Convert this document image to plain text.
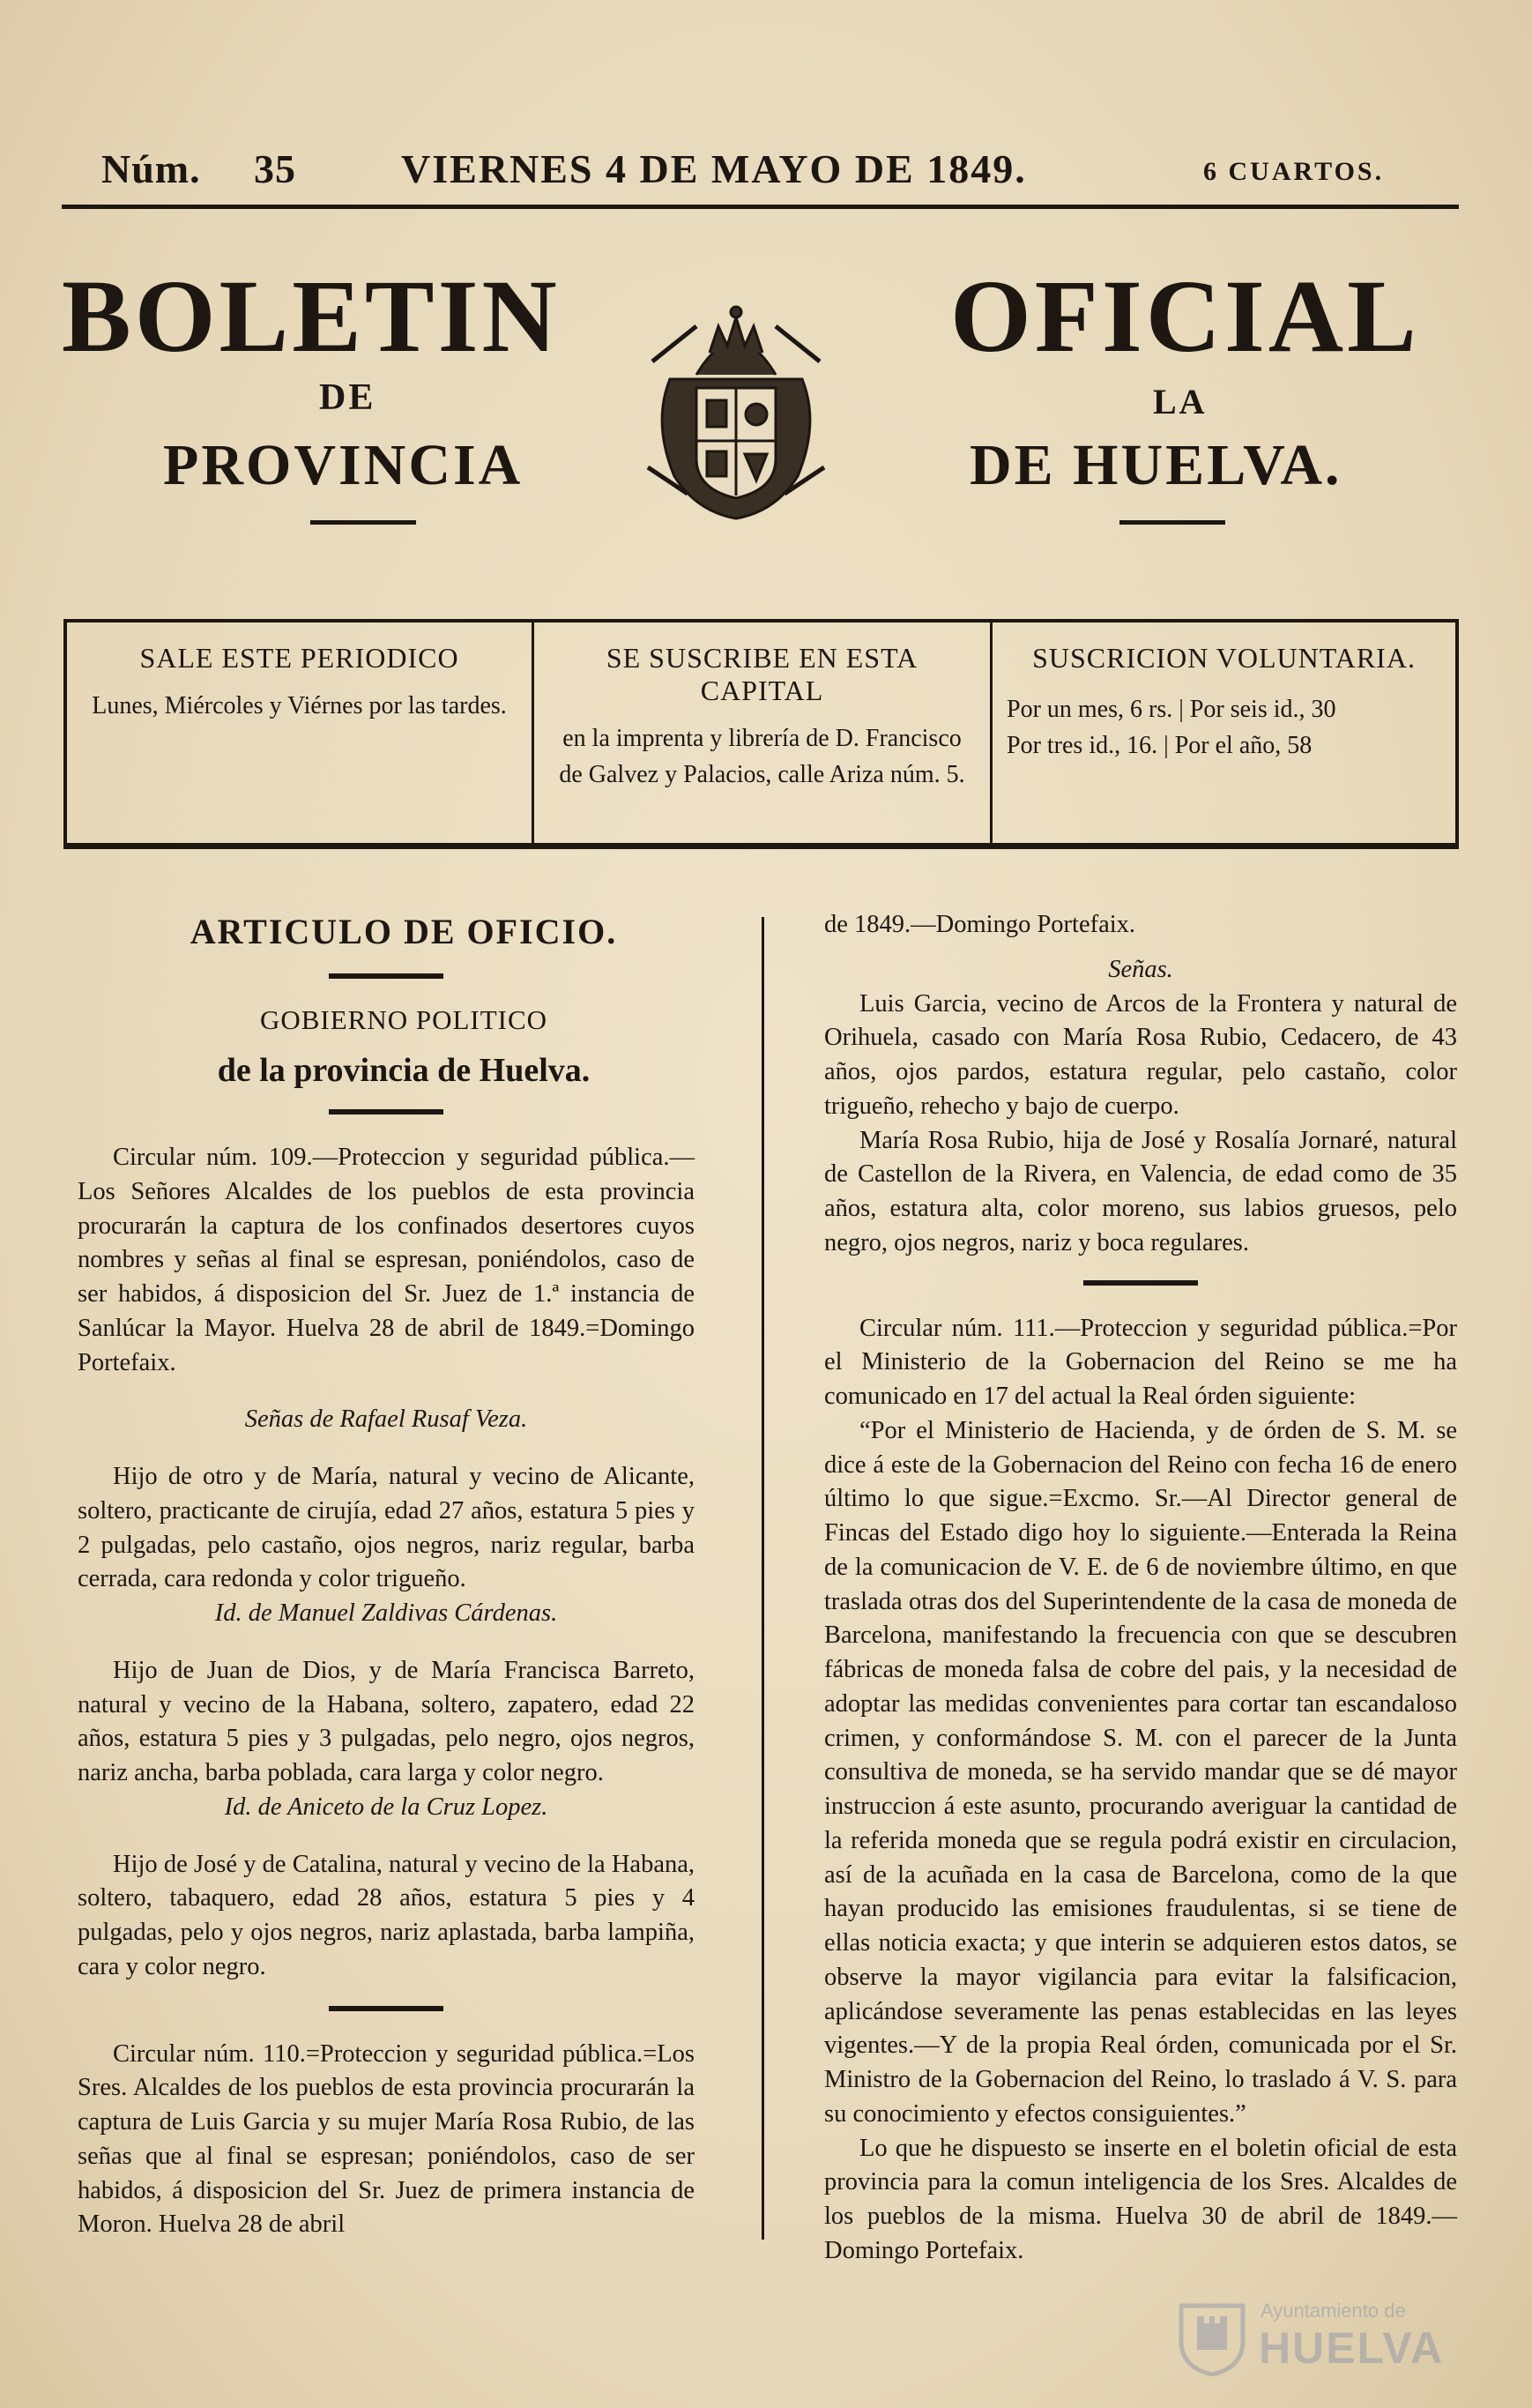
Núm. 35	VIERNES 4 DE MAYO DE 1849.	6 CUARTOS.
BOLETIN	OFICIAL
DE	LA
PROVINCIA	DE HUELVA.
SALE ESTE PERIODICO

Lunes, Miércoles y Viérnes por las tardes.

SE SUSCRIBE EN ESTA CAPITAL

en la imprenta y librería de D. Francisco de Galvez y Palacios, calle Ariza núm. 5.

SUSCRICION VOLUNTARIA.

Por un mes, 6 rs. | Por seis id., 30

Por tres id., 16. | Por el año, 58

ARTICULO DE OFICIO.

GOBIERNO POLITICO

de la provincia de Huelva.

Circular núm. 109.—Proteccion y seguridad pública.—Los Señores Alcaldes de los pueblos de esta provincia procurarán la captura de los confinados desertores cuyos nombres y señas al final se espresan, poniéndolos, caso de ser habidos, á disposicion del Sr. Juez de 1.ª instancia de Sanlúcar la Mayor. Huelva 28 de abril de 1849.=Domingo Portefaix.

Señas de Rafael Rusaf Veza.

Hijo de otro y de María, natural y vecino de Alicante, soltero, practicante de cirujía, edad 27 años, estatura 5 pies y 2 pulgadas, pelo castaño, ojos negros, nariz regular, barba cerrada, cara redonda y color trigueño.

Id. de Manuel Zaldivas Cárdenas.

Hijo de Juan de Dios, y de María Francisca Barreto, natural y vecino de la Habana, soltero, zapatero, edad 22 años, estatura 5 pies y 3 pulgadas, pelo negro, ojos negros, nariz ancha, barba poblada, cara larga y color negro.

Id. de Aniceto de la Cruz Lopez.

Hijo de José y de Catalina, natural y vecino de la Habana, soltero, tabaquero, edad 28 años, estatura 5 pies y 4 pulgadas, pelo y ojos negros, nariz aplastada, barba lampiña, cara y color negro.

Circular núm. 110.=Proteccion y seguridad pública.=Los Sres. Alcaldes de los pueblos de esta provincia procurarán la captura de Luis Garcia y su mujer María Rosa Rubio, de las señas que al final se espresan; poniéndolos, caso de ser habidos, á disposicion del Sr. Juez de primera instancia de Moron. Huelva 28 de abril

de 1849.—Domingo Portefaix.

Señas.

Luis Garcia, vecino de Arcos de la Frontera y natural de Orihuela, casado con María Rosa Rubio, Cedacero, de 43 años, ojos pardos, estatura regular, pelo castaño, color trigueño, rehecho y bajo de cuerpo.

María Rosa Rubio, hija de José y Rosalía Jornaré, natural de Castellon de la Rivera, en Valencia, de edad como de 35 años, estatura alta, color moreno, sus labios gruesos, pelo negro, ojos negros, nariz y boca regulares.

Circular núm. 111.—Proteccion y seguridad pública.=Por el Ministerio de la Gobernacion del Reino se me ha comunicado en 17 del actual la Real órden siguiente:

“Por el Ministerio de Hacienda, y de órden de S. M. se dice á este de la Gobernacion del Reino con fecha 16 de enero último lo que sigue.=Excmo. Sr.—Al Director general de Fincas del Estado digo hoy lo siguiente.—Enterada la Reina de la comunicacion de V. E. de 6 de noviembre último, en que traslada otras dos del Superintendente de la casa de moneda de Barcelona, manifestando la frecuencia con que se descubren fábricas de moneda falsa de cobre del pais, y la necesidad de adoptar las medidas convenientes para cortar tan escandaloso crimen, y conformándose S. M. con el parecer de la Junta consultiva de moneda, se ha servido mandar que se dé mayor instruccion á este asunto, procurando averiguar la cantidad de la referida moneda que se regula podrá existir en circulacion, así de la acuñada en la casa de Barcelona, como de la que hayan producido las emisiones fraudulentas, si se tiene de ellas noticia exacta; y que interin se adquieren estos datos, se observe la mayor vigilancia para evitar la falsificacion, aplicándose severamente las penas establecidas en las leyes vigentes.—Y de la propia Real órden, comunicada por el Sr. Ministro de la Gobernacion del Reino, lo traslado á V. S. para su conocimiento y efectos consiguientes.”

Lo que he dispuesto se inserte en el boletin oficial de esta provincia para la comun inteligencia de los Sres. Alcaldes de los pueblos de la misma. Huelva 30 de abril de 1849.—Domingo Portefaix.

Ayuntamiento de
HUELVA
